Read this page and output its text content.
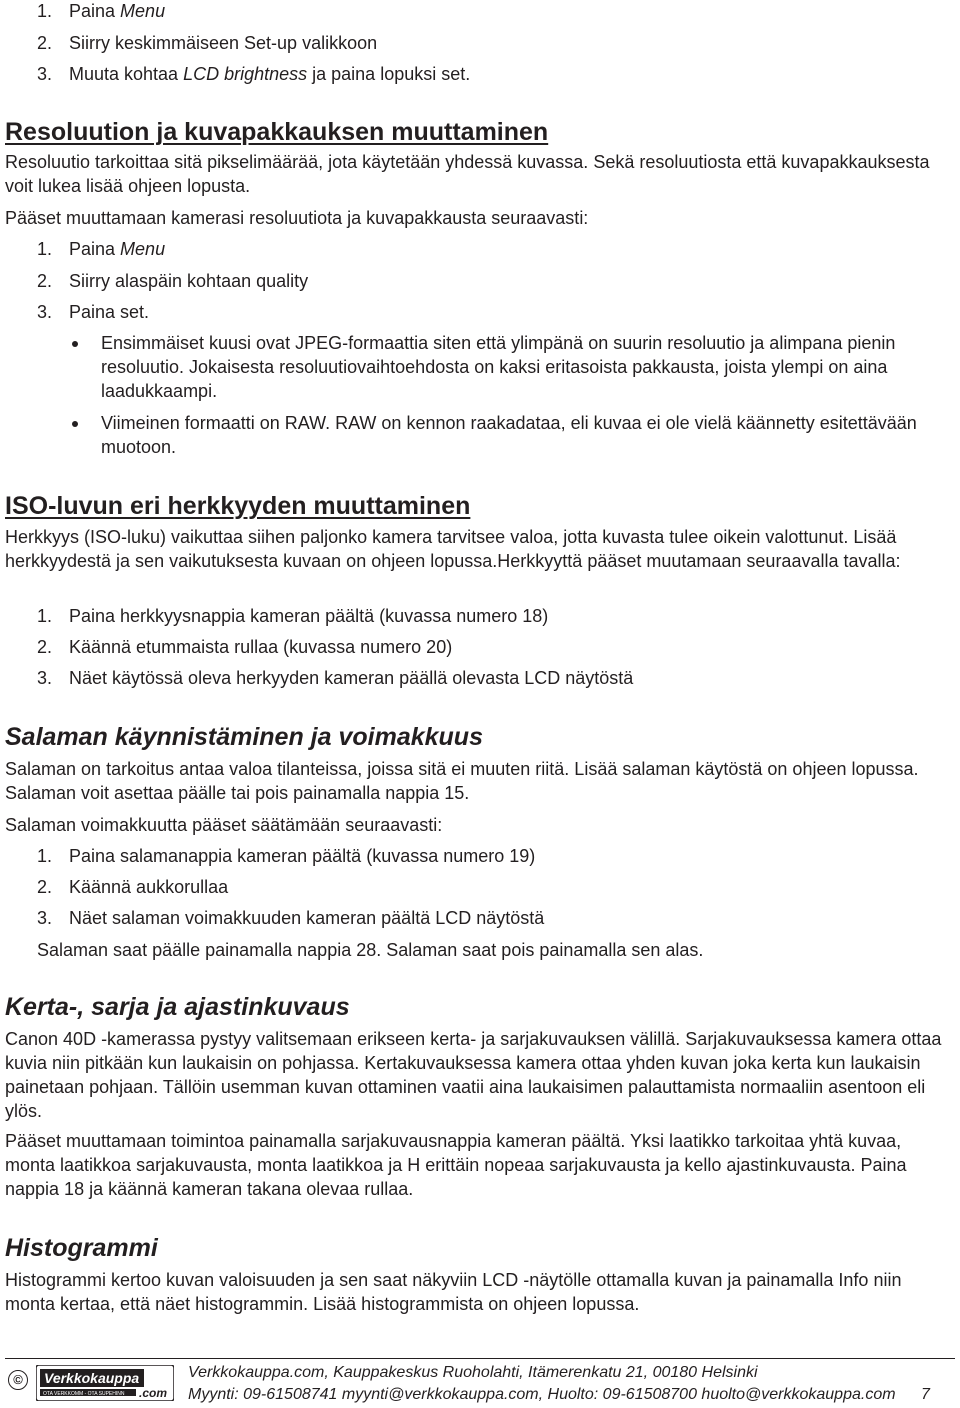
1. Paina Menu
2. Siirry keskimmäiseen Set-up valikkoon
3. Muuta kohtaa LCD brightness ja paina lopuksi set.
Resoluution ja kuvapakkauksen muuttaminen

Resoluutio tarkoittaa sitä pikselimäärää, jota käytetään yhdessä kuvassa. Sekä resoluutiosta että kuvapakkauksesta voit lukea lisää ohjeen lopusta.

Pääset muuttamaan kamerasi resoluutiota ja kuvapakkausta seuraavasti:

1. Paina Menu
2. Siirry alaspäin kohtaan quality
3. Paina set.
Ensimmäiset kuusi ovat JPEG-formaattia siten että ylimpänä on suurin resoluutio ja alimpana pienin resoluutio. Jokaisesta resoluutiovaihtoehdosta on kaksi eritasoista pakkausta, joista ylempi on aina laadukkaampi.
Viimeinen formaatti on RAW. RAW on kennon raakadataa, eli kuvaa ei ole vielä käännetty esitettävään muotoon.
ISO-luvun eri herkkyyden muuttaminen

Herkkyys (ISO-luku) vaikuttaa siihen paljonko kamera tarvitsee valoa, jotta kuvasta tulee oikein valottunut. Lisää herkkyydestä ja sen vaikutuksesta kuvaan on ohjeen lopussa.Herkkyyttä pääset muutamaan seuraavalla tavalla:

1. Paina herkkyysnappia kameran päältä (kuvassa numero 18)
2. Käännä etummaista rullaa (kuvassa numero 20)
3. Näet käytössä oleva herkyyden kameran päällä olevasta LCD näytöstä
Salaman käynnistäminen ja voimakkuus

Salaman on tarkoitus antaa valoa tilanteissa, joissa sitä ei muuten riitä. Lisää salaman käytöstä on ohjeen lopussa. Salaman voit asettaa päälle tai pois painamalla nappia 15.

Salaman voimakkuutta pääset säätämään seuraavasti:

1. Paina salamanappia kameran päältä (kuvassa numero 19)
2. Käännä aukkorullaa
3. Näet salaman voimakkuuden kameran päältä LCD näytöstä

Salaman saat päälle painamalla nappia 28. Salaman saat pois painamalla sen alas.

Kerta-, sarja ja ajastinkuvaus

Canon 40D -kamerassa pystyy valitsemaan erikseen kerta- ja sarjakuvauksen välillä. Sarjakuvauksessa kamera ottaa kuvia niin pitkään kun laukaisin on pohjassa. Kertakuvauksessa kamera ottaa yhden kuvan joka kerta kun laukaisin painetaan pohjaan. Tällöin usemman kuvan ottaminen vaatii aina laukaisimen palauttamista normaaliin asentoon eli ylös.

Pääset muuttamaan toimintoa painamalla sarjakuvausnappia kameran päältä. Yksi laatikko tarkoitaa yhtä kuvaa, monta laatikkoa sarjakuvausta, monta laatikkoa ja H erittäin nopeaa sarjakuvausta ja kello ajastinkuvausta. Paina nappia 18 ja käännä kameran takana olevaa rullaa.

Histogrammi

Histogrammi kertoo kuvan valoisuuden ja sen saat näkyviin LCD -näytölle ottamalla kuvan ja painamalla Info niin monta kertaa, että näet histogrammin. Lisää histogrammista on ohjeen lopussa.

©	Verkkokauppa
.com
OTA VERKKOMM - OTA SUPEHINN
Verkkokauppa.com, Kauppakeskus Ruoholahti, Itämerenkatu 21, 00180 Helsinki
Myynti: 09-61508741 myynti@verkkokauppa.com, Huolto: 09-61508700 huolto@verkkokauppa.com 7
